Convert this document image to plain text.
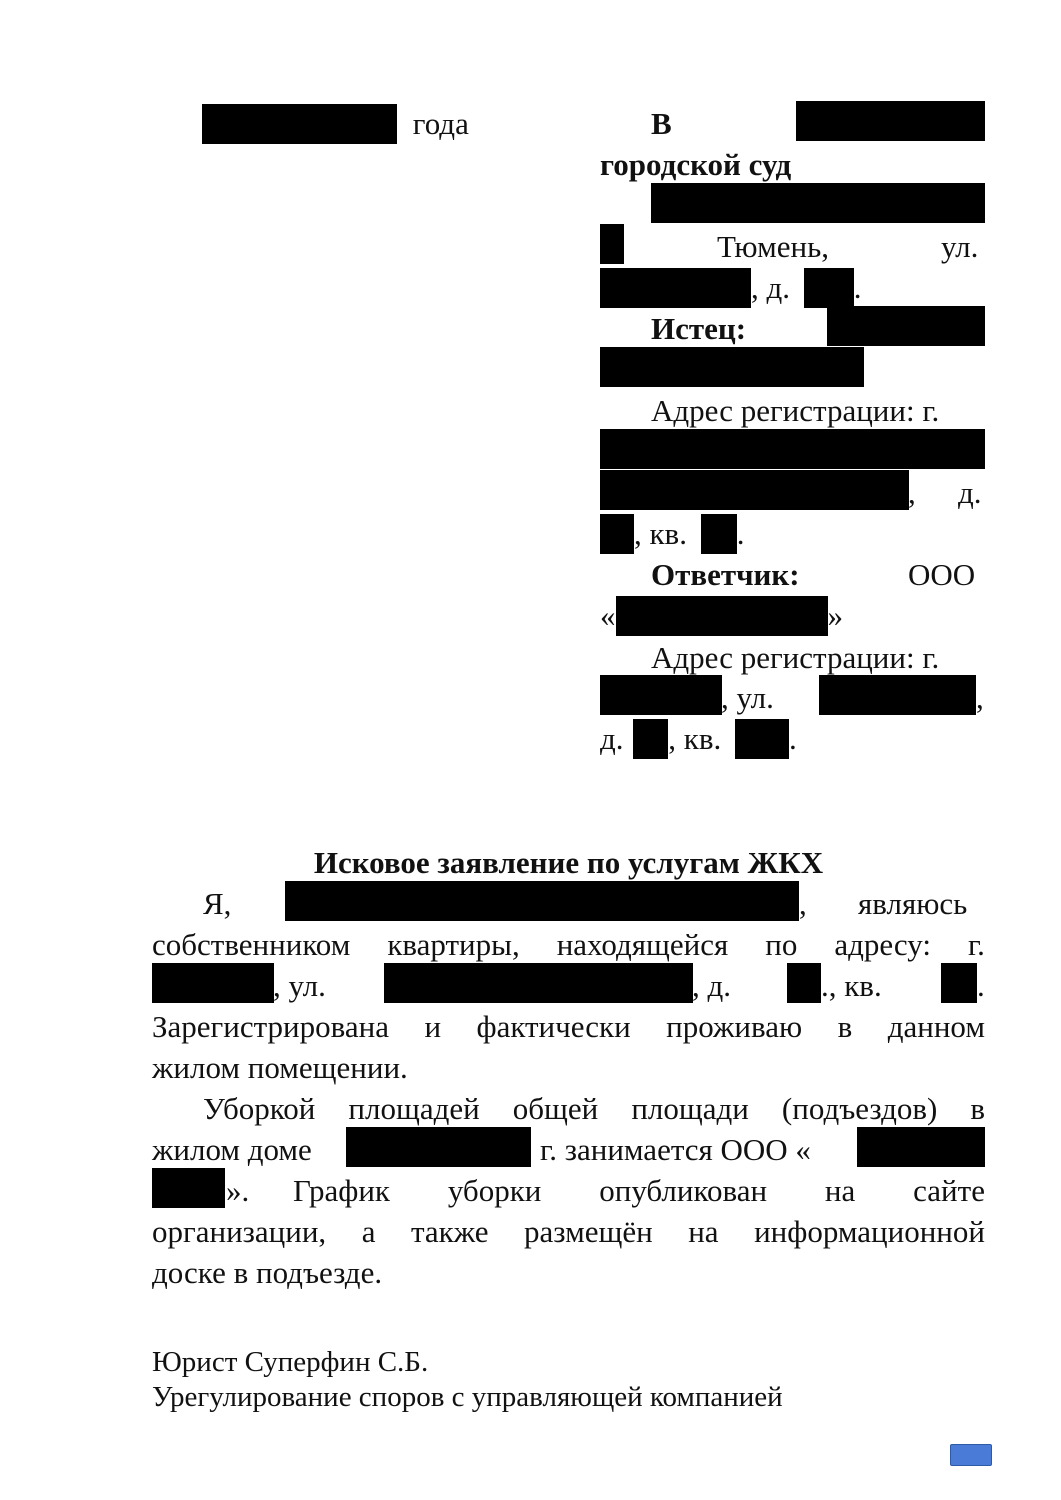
года	В
городской суд
Тюмень,	ул.
, д. .
Истец:
Адрес регистрации: г.
, д.
, кв. .
Ответчик:	ООО
«	»
Адрес регистрации: г.
, ул.	,
д. , кв. .
Исковое заявление по услугам ЖКХ
Я,	, являюсь
собственником квартиры, находящейся по адресу: г.
, ул.	, д.	., кв.	.
Зарегистрирована и фактически проживаю в данном
жилом помещении.
Уборкой площадей общей площади (подъездов) в
жилом доме	г. занимается ООО «
». График уборки опубликован на сайте
организации, а также размещён на информационной
доске в подъезде.
Юрист Суперфин С.Б.
Урегулирование споров с управляющей компанией
